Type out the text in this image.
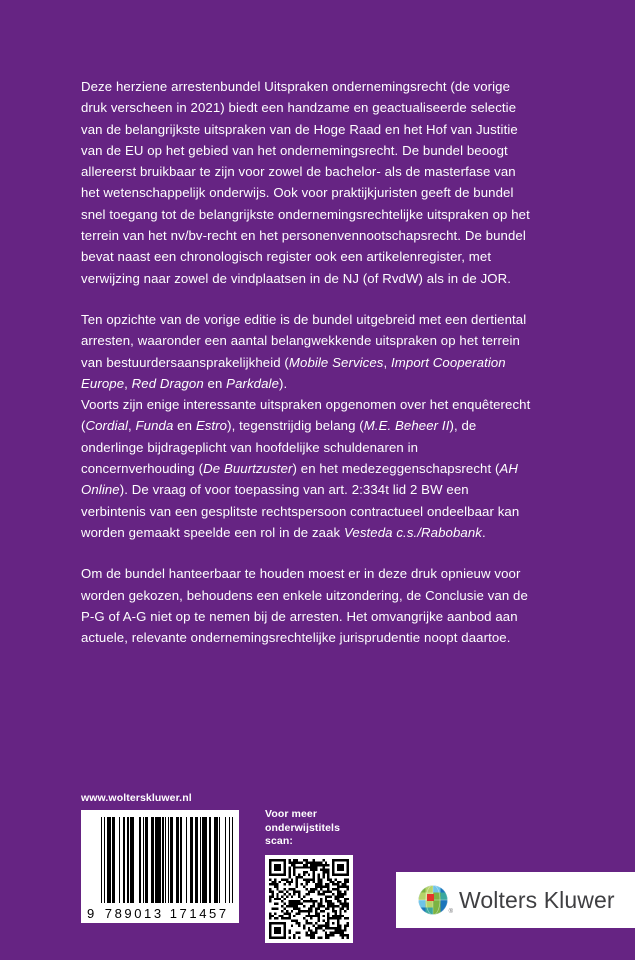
Deze herziene arrestenbundel Uitspraken ondernemingsrecht (de vorige druk verscheen in 2021) biedt een handzame en geactualiseerde selectie van de belangrijkste uitspraken van de Hoge Raad en het Hof van Justitie van de EU op het gebied van het ondernemingsrecht. De bundel beoogt allereerst bruikbaar te zijn voor zowel de bachelor- als de masterfase van het wetenschappelijk onderwijs. Ook voor praktijkjuristen geeft de bundel snel toegang tot de belangrijkste ondernemingsrechtelijke uitspraken op het terrein van het nv/bv-recht en het personenvennootschapsrecht. De bundel bevat naast een chronologisch register ook een artikelenregister, met verwijzing naar zowel de vindplaatsen in de NJ (of RvdW) als in de JOR.

Ten opzichte van de vorige editie is de bundel uitgebreid met een dertiental arresten, waaronder een aantal belangwekkende uitspraken op het terrein van bestuurdersaansprakelijkheid (Mobile Services, Import Cooperation Europe, Red Dragon en Parkdale).

Voorts zijn enige interessante uitspraken opgenomen over het enquêterecht (Cordial, Funda en Estro), tegenstrijdig belang (M.E. Beheer II), de onderlinge bijdrageplicht van hoofdelijke schuldenaren in concernverhouding (De Buurtzuster) en het medezeggenschapsrecht (AH Online). De vraag of voor toepassing van art. 2:334t lid 2 BW een verbintenis van een gesplitste rechtspersoon contractueel ondeelbaar kan worden gemaakt speelde een rol in de zaak Vesteda c.s./Rabobank.

Om de bundel hanteerbaar te houden moest er in deze druk opnieuw voor worden gekozen, behoudens een enkele uitzondering, de Conclusie van de P-G of A-G niet op te nemen bij de arresten. Het omvangrijke aanbod aan actuele, relevante ondernemingsrechtelijke jurisprudentie noopt daartoe.

www.wolterskluwer.nl
9 789013 171457
Voor meer
onderwijstitels
scan:
® Wolters Kluwer
